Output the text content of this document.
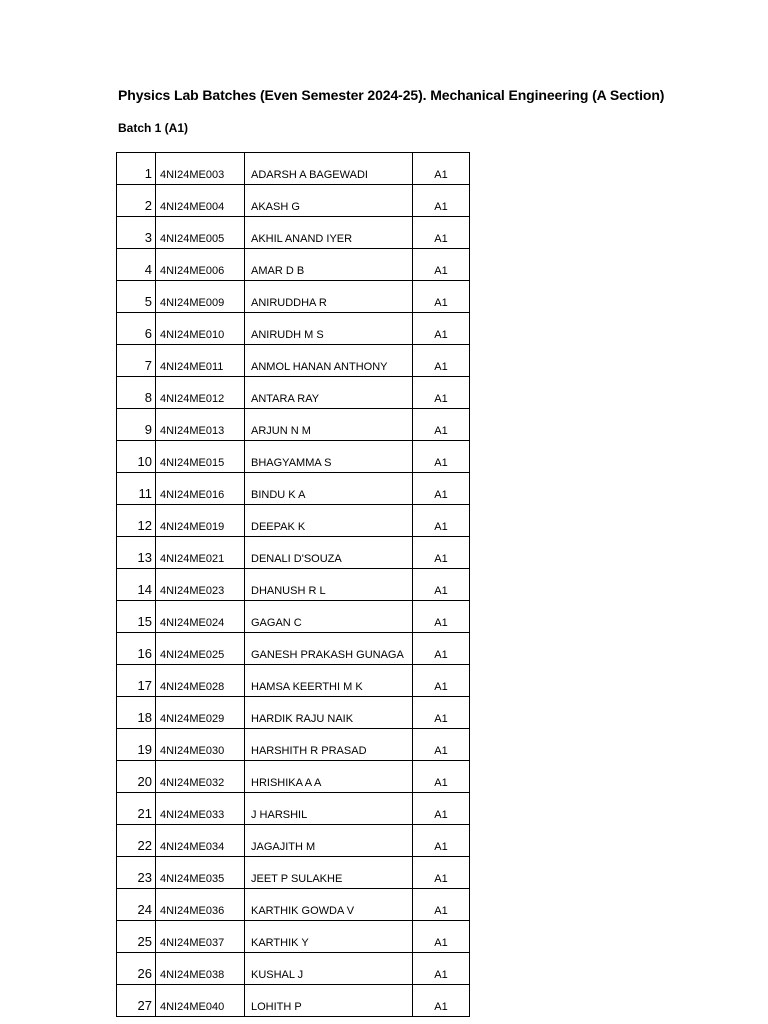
Physics Lab Batches (Even Semester 2024-25). Mechanical Engineering (A Section)
Batch 1 (A1)
1	4NI24ME003	ADARSH A BAGEWADI	A1
2	4NI24ME004	AKASH G	A1
3	4NI24ME005	AKHIL ANAND IYER	A1
4	4NI24ME006	AMAR D B	A1
5	4NI24ME009	ANIRUDDHA R	A1
6	4NI24ME010	ANIRUDH M S	A1
7	4NI24ME011	ANMOL HANAN ANTHONY	A1
8	4NI24ME012	ANTARA RAY	A1
9	4NI24ME013	ARJUN N M	A1
10	4NI24ME015	BHAGYAMMA S	A1
11	4NI24ME016	BINDU K A	A1
12	4NI24ME019	DEEPAK K	A1
13	4NI24ME021	DENALI D'SOUZA	A1
14	4NI24ME023	DHANUSH R L	A1
15	4NI24ME024	GAGAN C	A1
16	4NI24ME025	GANESH PRAKASH GUNAGA	A1
17	4NI24ME028	HAMSA KEERTHI M K	A1
18	4NI24ME029	HARDIK RAJU NAIK	A1
19	4NI24ME030	HARSHITH R PRASAD	A1
20	4NI24ME032	HRISHIKA A A	A1
21	4NI24ME033	J HARSHIL	A1
22	4NI24ME034	JAGAJITH M	A1
23	4NI24ME035	JEET P SULAKHE	A1
24	4NI24ME036	KARTHIK GOWDA V	A1
25	4NI24ME037	KARTHIK Y	A1
26	4NI24ME038	KUSHAL J	A1
27	4NI24ME040	LOHITH P	A1
